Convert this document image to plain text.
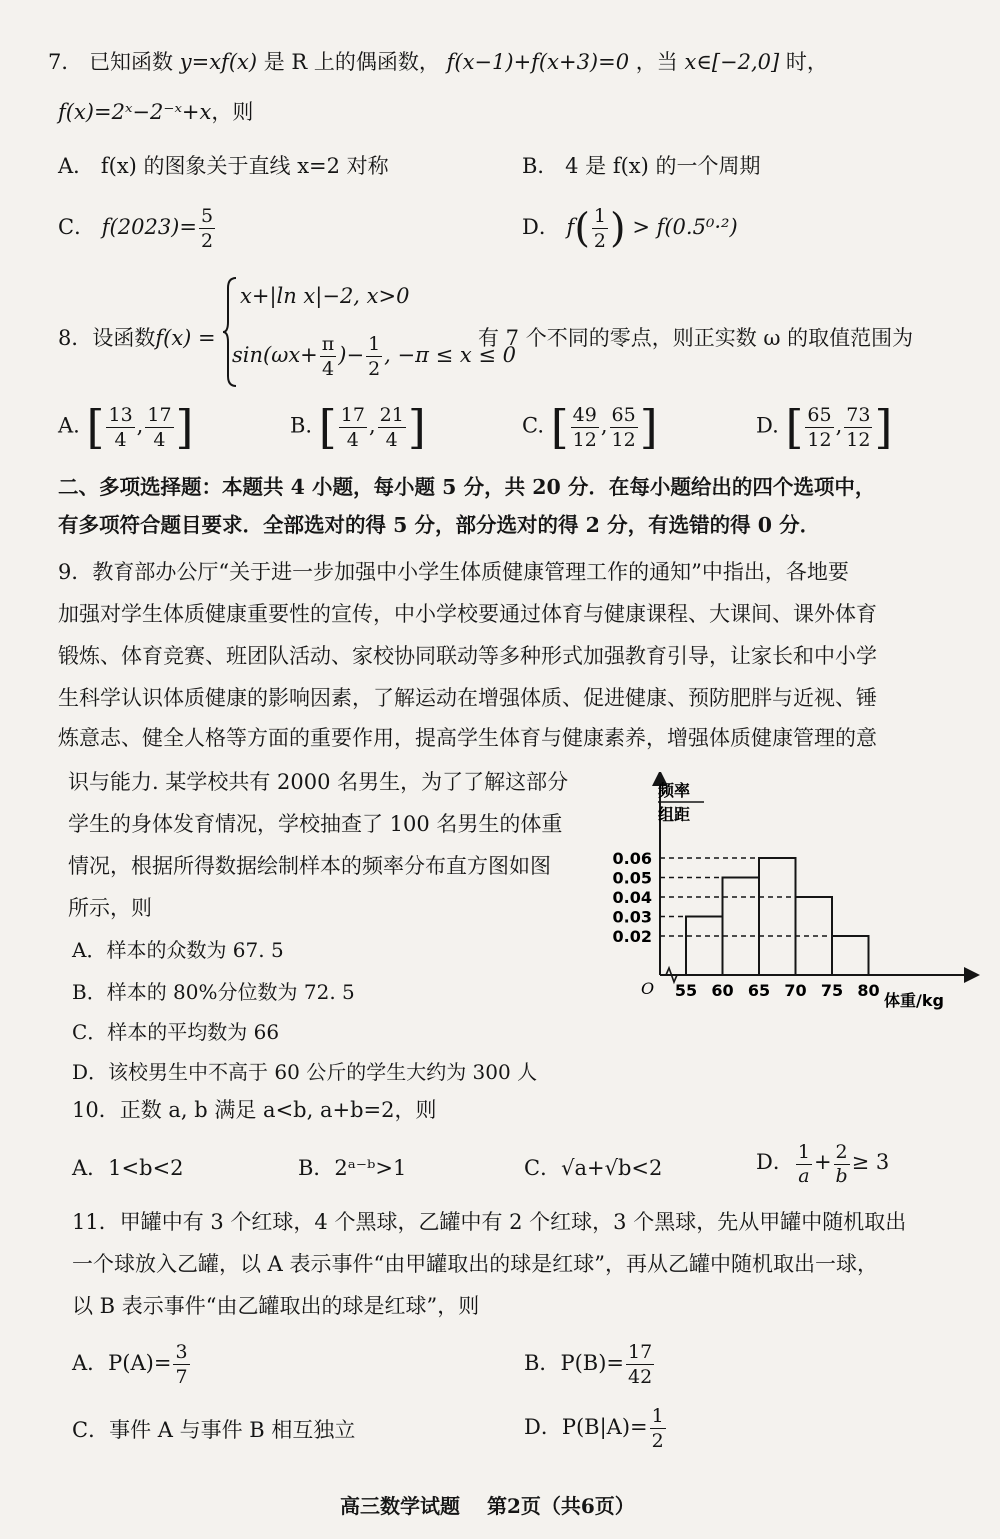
7． 已知函数 y=xf(x) 是 R 上的偶函数， f(x−1)+f(x+3)=0 ，当 x∈[−2,0] 时，
f(x)=2ˣ−2⁻ˣ+x，则
A． f(x) 的图象关于直线 x=2 对称	B． 4 是 f(x) 的一个周期
C． $f(2023)= \frac{5}{2}$	D． $f( \frac{1}{2}$ ) > f(0.5⁰·²)
8．设函数f(x) =
x+|ln x|−2, x>0
$\sin(\omega x+ \frac{\pi}{4}$ )− $\frac{1}{2}$ , −π ≤ x ≤ 0
有 7 个不同的零点，则正实数 ω 的取值范围为
A. [ $\frac{13}{4}$ , $\frac{17}{4}$ ]	B. [ $\frac{17}{4}$ , $\frac{21}{4}$ ]	C. [ $\frac{49}{12}$ , $\frac{65}{12}$ ]	D. [ $\frac{65}{12}$ , $\frac{73}{12}$ ]
二、多项选择题：本题共 4 小题，每小题 5 分，共 20 分．在每小题给出的四个选项中，
有多项符合题目要求．全部选对的得 5 分，部分选对的得 2 分，有选错的得 0 分．
9．教育部办公厅“关于进一步加强中小学生体质健康管理工作的通知”中指出，各地要
加强对学生体质健康重要性的宣传，中小学校要通过体育与健康课程、大课间、课外体育
锻炼、体育竞赛、班团队活动、家校协同联动等多种形式加强教育引导，让家长和中小学
生科学认识体质健康的影响因素，了解运动在增强体质、促进健康、预防肥胖与近视、锤
炼意志、健全人格等方面的重要作用，提高学生体育与健康素养，增强体质健康管理的意
识与能力. 某学校共有 2000 名男生，为了了解这部分
学生的身体发育情况，学校抽查了 100 名男生的体重
情况，根据所得数据绘制样本的频率分布直方图如图
所示，则
A．样本的众数为 67. 5
B．样本的 80%分位数为 72. 5
C．样本的平均数为 66
D．该校男生中不高于 60 公斤的学生大约为 300 人
频率
组距
O
体重/kg
0.02
0.03
0.04
0.05
0.06
55 60 65 70 75 80
10．正数 a, b 满足 a<b, a+b=2，则
A．1<b<2	B．2ᵃ⁻ᵇ>1	C．√a+√b<2	D． $\frac{1}{a}+ \frac{2}{b}\ge 3$
11．甲罐中有 3 个红球，4 个黑球，乙罐中有 2 个红球，3 个黑球，先从甲罐中随机取出
一个球放入乙罐，以 A 表示事件“由甲罐取出的球是红球”，再从乙罐中随机取出一球，
以 B 表示事件“由乙罐取出的球是红球”，则
A．$P(A)= \frac{3}{7}$	B．$P(B)= \frac{17}{42}$
C．事件 A 与事件 B 相互独立	D．$P(B|A)= \frac{1}{2}$
高三数学试题　 第2页（共6页）
